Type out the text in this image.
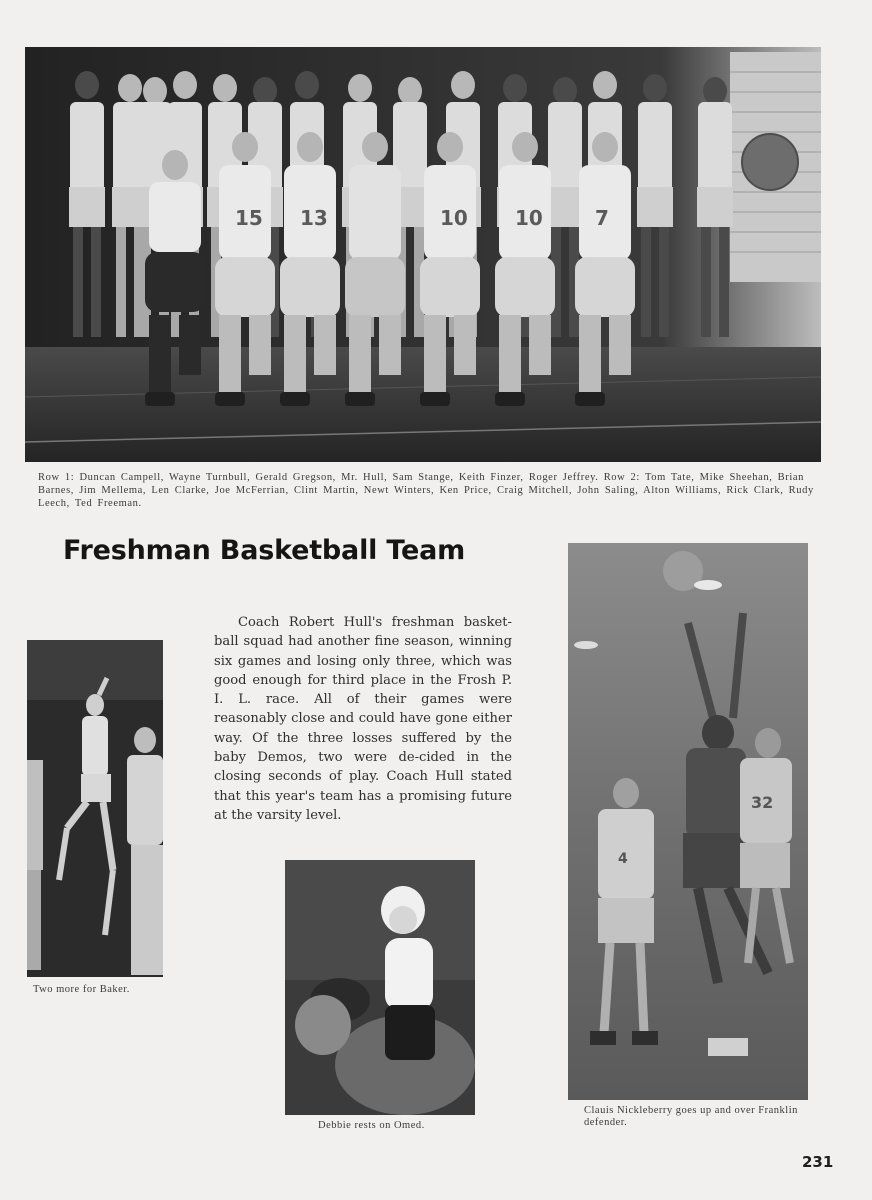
15 13	10 10	7

Row 1: Duncan Campell, Wayne Turnbull, Gerald Gregson, Mr. Hull, Sam Stange, Keith Finzer, Roger Jeffrey. Row 2: Tom Tate, Mike Sheehan, Brian Barnes, Jim Mellema, Len Clarke, Joe McFerrian, Clint Martin, Newt Winters, Ken Price, Craig Mitchell, John Saling, Alton Williams, Rick Clark, Rudy Leech, Ted Freeman.

Freshman Basketball Team

Two more for Baker.

Coach Robert Hull's freshman basket-ball squad had another fine season, winning six games and losing only three, which was good enough for third place in the Frosh P. I. L. race. All of their games were reasonably close and could have gone either way. Of the three losses suffered by the baby Demos, two were de-cided in the closing seconds of play. Coach Hull stated that this year's team has a promising future at the varsity level.

Debbie rests on Omed.

32
4

Clauis Nickleberry goes up and over Franklin defender.

231
